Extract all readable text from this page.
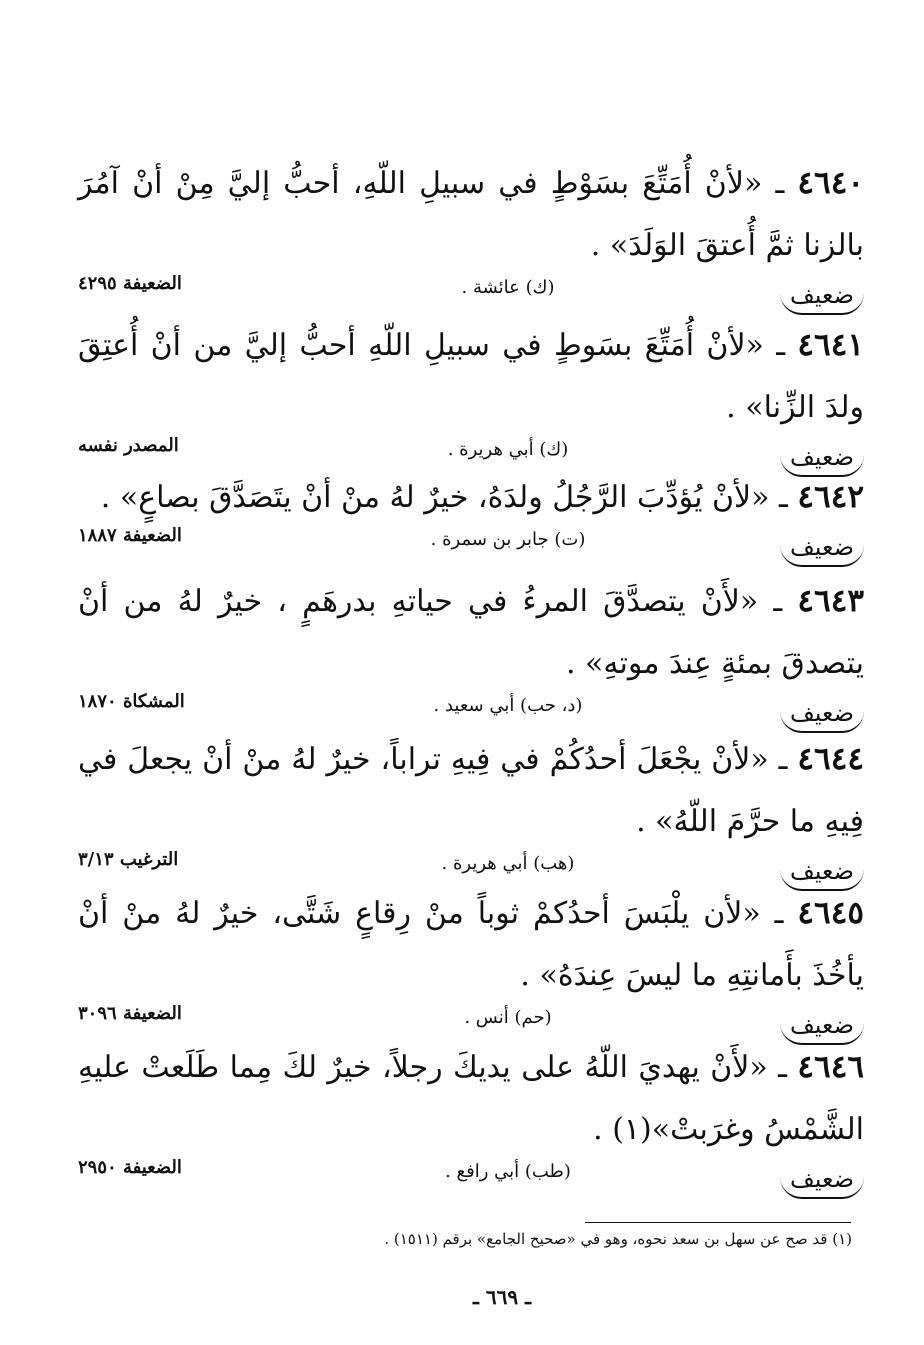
٤٦٤٠ ـ «لأنْ أُمَتِّعَ بسَوْطٍ في سبيلِ اللّهِ، أحبُّ إليَّ مِنْ أنْ آمُرَ بالزنا ثمَّ أُعتقَ الوَلَدَ» .

ضعيف
(ك) عائشة .
الضعيفة ٤٢٩٥

٤٦٤١ ـ «لأنْ أُمَتِّعَ بسَوطٍ في سبيلِ اللّهِ أحبُّ إليَّ من أنْ أُعتِقَ ولدَ الزِّنا» .

ضعيف
(ك) أبي هريرة .
المصدر نفسه

٤٦٤٢ ـ «لأنْ يُؤدِّبَ الرَّجُلُ ولدَهُ، خيرٌ لهُ منْ أنْ يتَصَدَّقَ بصاعٍ» .

ضعيف
(ت) جابر بن سمرة .
الضعيفة ١٨٨٧

٤٦٤٣ ـ «لأَنْ يتصدَّقَ المرءُ في حياتهِ بدرهَمٍ ، خيرٌ لهُ من أنْ يتصدقَ بمئةٍ عِندَ موتهِ» .

ضعيف
(د، حب) أبي سعيد .
المشكاة ١٨٧٠

٤٦٤٤ ـ «لأنْ يجْعَلَ أحدُكُمْ في فِيهِ تراباً، خيرٌ لهُ منْ أنْ يجعلَ في فِيهِ ما حرَّمَ اللّهُ» .

ضعيف
(هب) أبي هريرة .
الترغيب ٣/١٣

٤٦٤٥ ـ «لأن يلْبَسَ أحدُكمْ ثوباً منْ رِقاعٍ شَتَّى، خيرٌ لهُ منْ أنْ يأخُذَ بأَمانتِهِ ما ليسَ عِندَهُ» .

ضعيف
(حم) أنس .
الضعيفة ٣٠٩٦

٤٦٤٦ ـ «لأَنْ يهديَ اللّهُ على يديكَ رجلاً، خيرٌ لكَ مِما طَلَعتْ عليهِ الشَّمْسُ وغرَبتْ»(١) .

ضعيف
(طب) أبي رافع .
الضعيفة ٢٩٥٠
(١) قد صح عن سهل بن سعد نحوه، وهو في «صحيح الجامع» برقم (١٥١١) .
ـ ٦٦٩ ـ
